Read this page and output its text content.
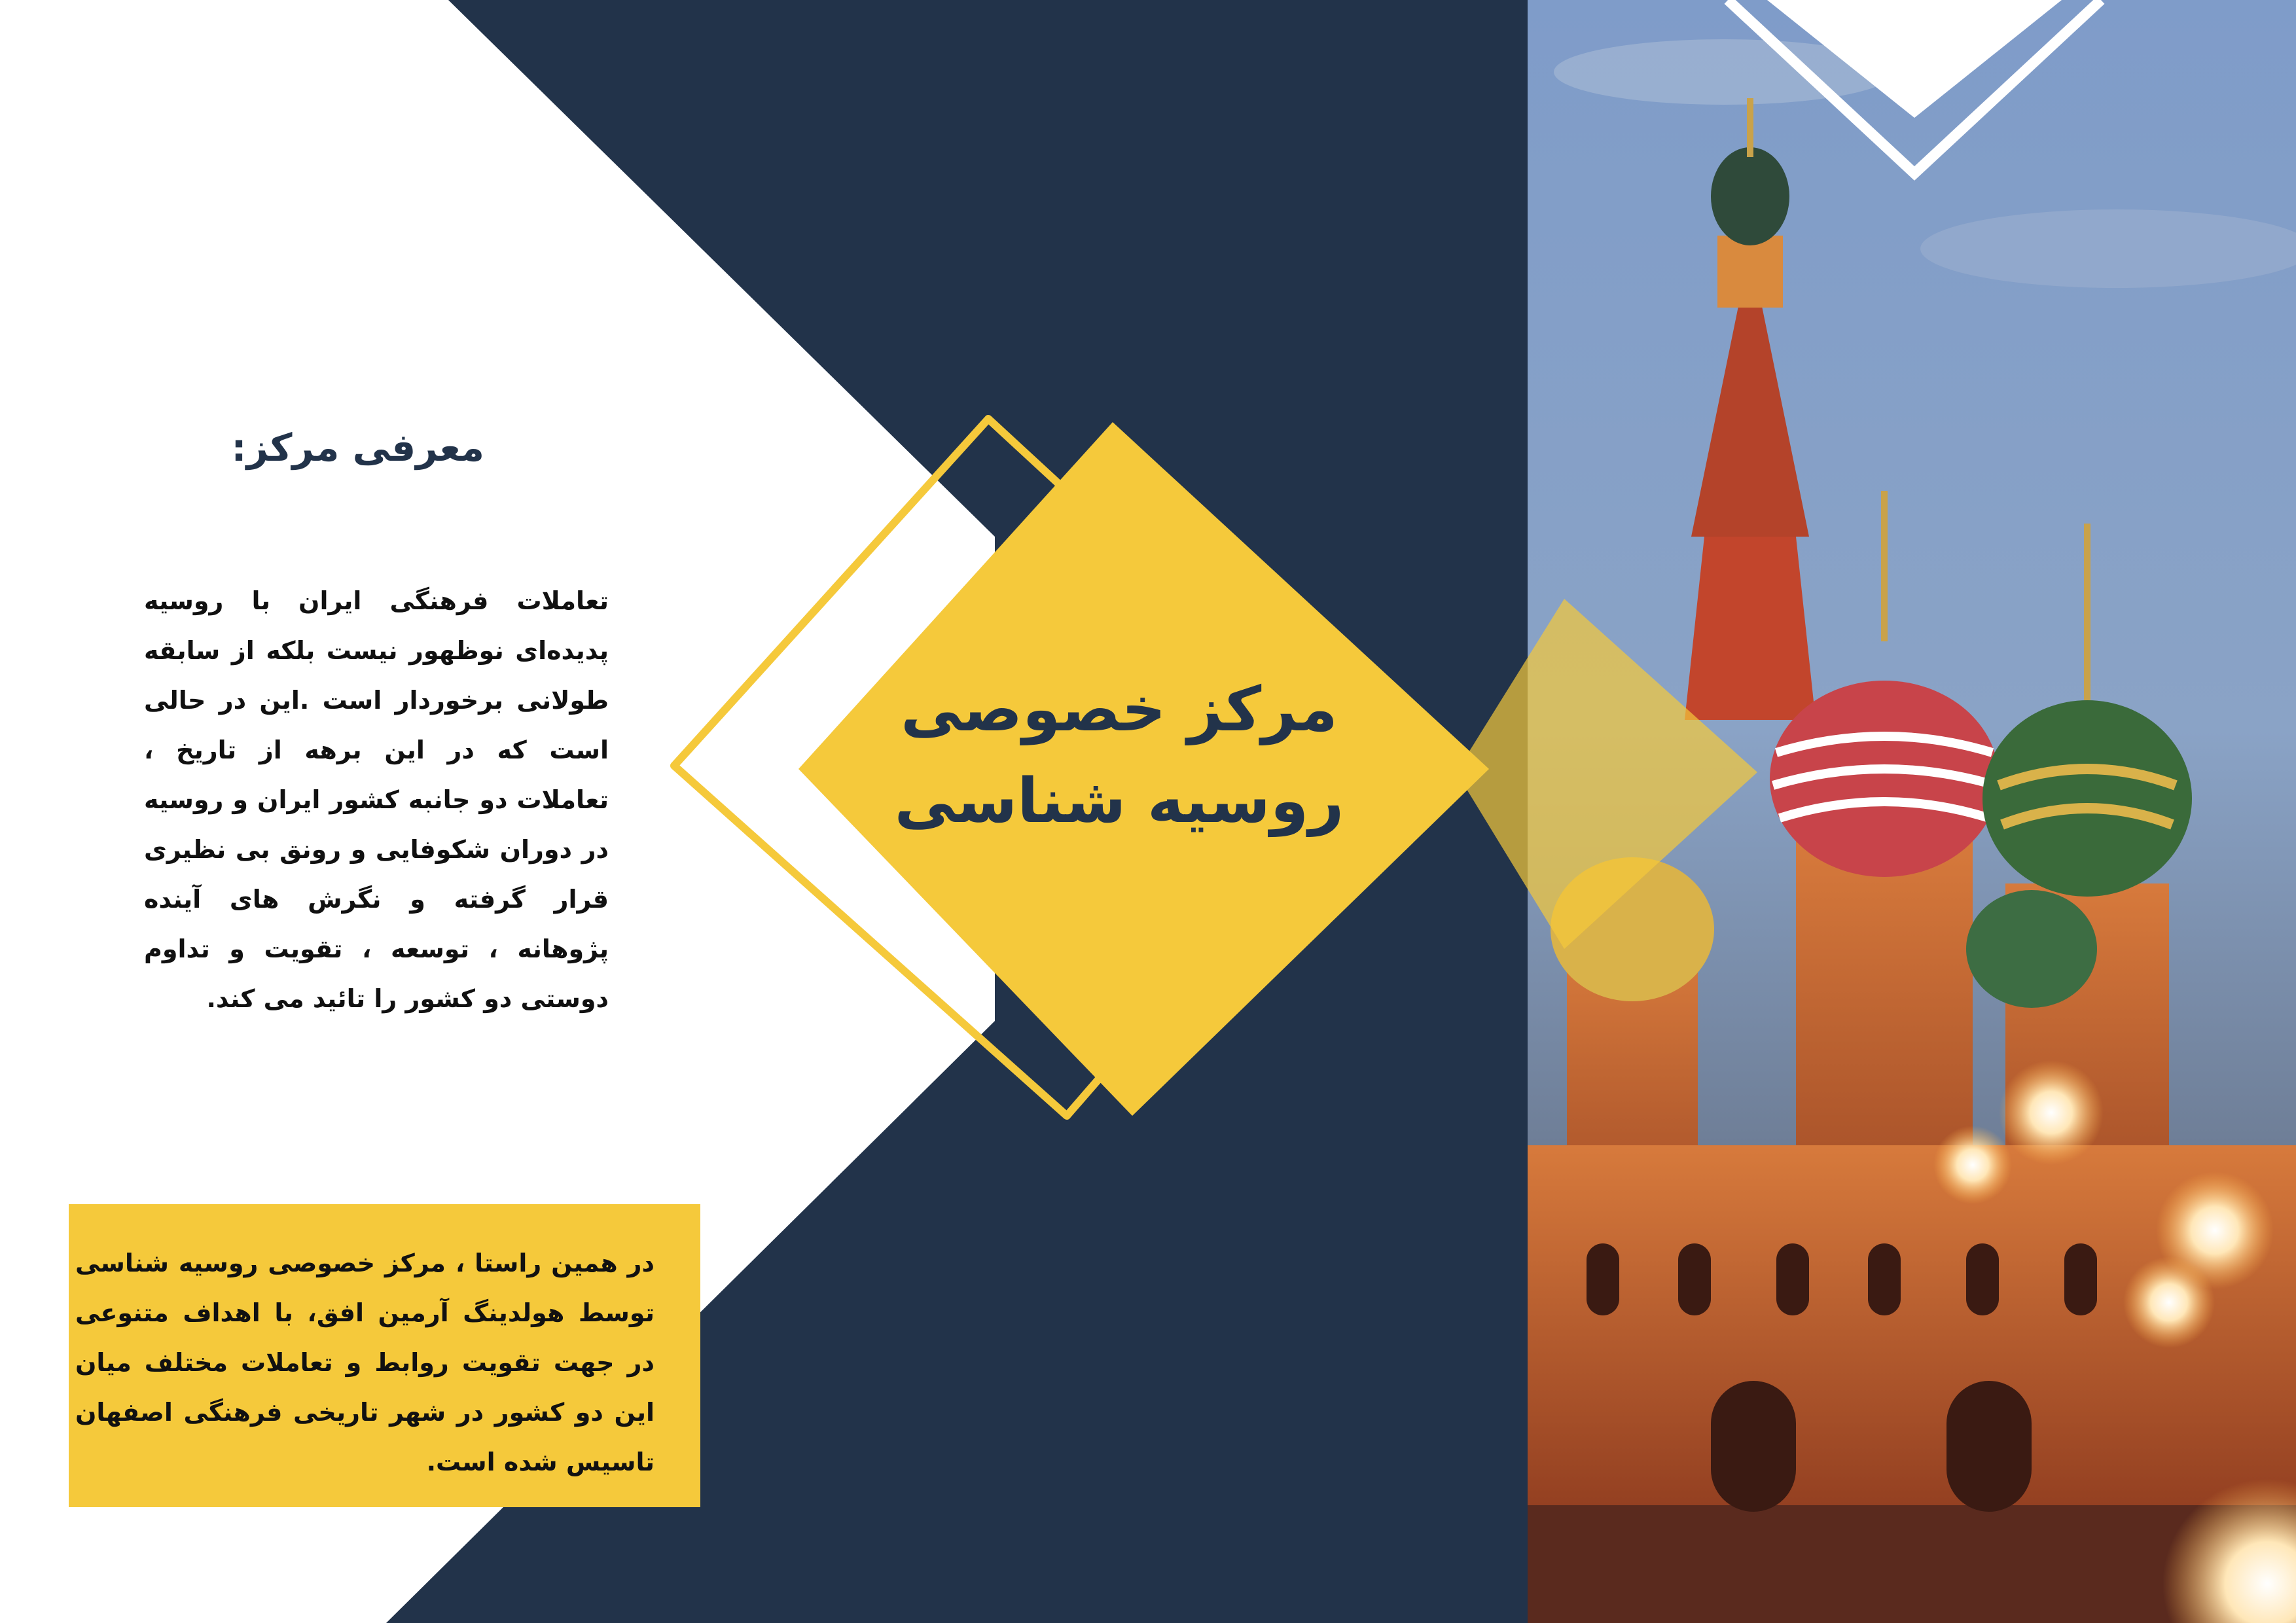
مرکز خصوصی
روسیه شناسی
معرفی مرکز:
تعاملات فرهنگی ایران با روسیه پدیده‌ای نوظهور نیست بلکه از سابقه طولانی برخوردار است .این در حالی است که در این برهه از تاریخ ، تعاملات دو جانبه کشور ایران و روسیه در دوران شکوفایی و رونق بی نظیری قرار گرفته و نگرش های آینده پژوهانه ، توسعه ، تقویت و تداوم دوستی دو کشور را تائید می کند.
در همین راستا ، مرکز خصوصی روسیه شناسی توسط هولدینگ آرمین افق، با اهداف متنوعی در جهت تقویت روابط و تعاملات مختلف میان این دو کشور در شهر تاریخی فرهنگی اصفهان تاسیس شده است.
